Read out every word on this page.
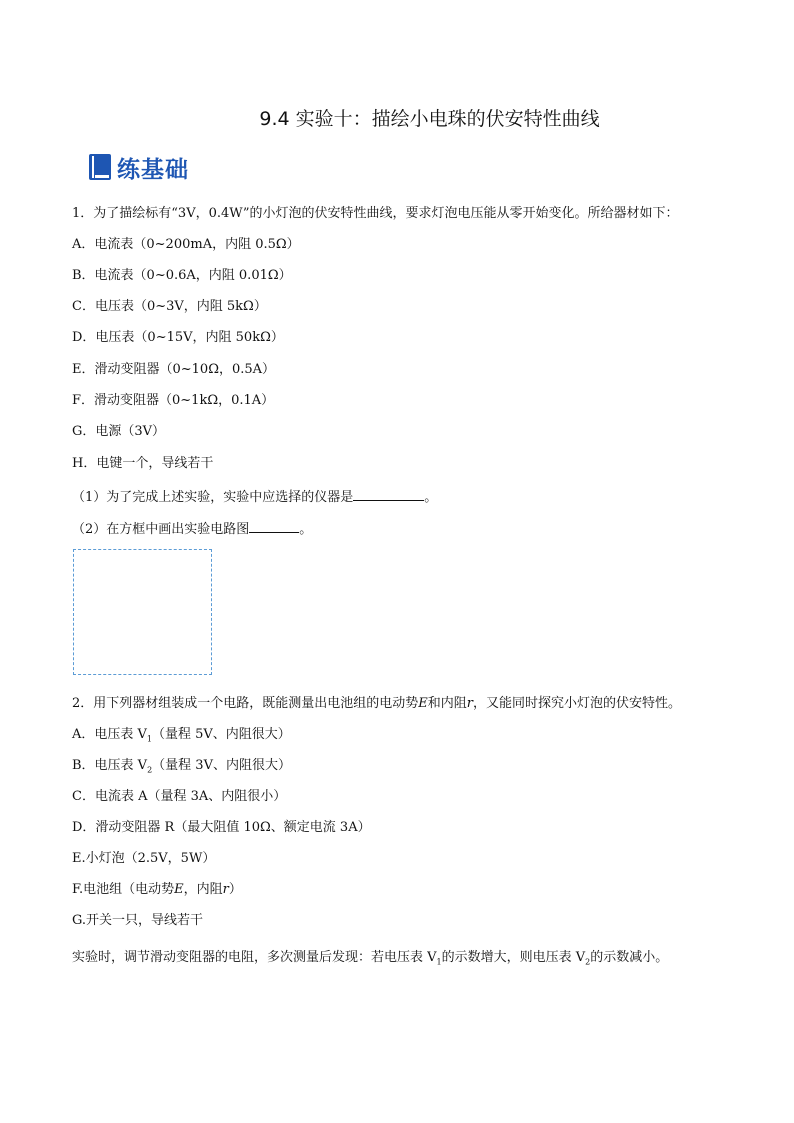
9.4 实验十：描绘小电珠的伏安特性曲线
练基础
1．为了描绘标有“3V，0.4W”的小灯泡的伏安特性曲线，要求灯泡电压能从零开始变化。所给器材如下：
A．电流表（0~200mA，内阻 0.5Ω）
B．电流表（0~0.6A，内阻 0.01Ω）
C．电压表（0~3V，内阻 5kΩ）
D．电压表（0~15V，内阻 50kΩ）
E．滑动变阻器（0~10Ω，0.5A）
F．滑动变阻器（0~1kΩ，0.1A）
G．电源（3V）
H．电键一个，导线若干
（1）为了完成上述实验，实验中应选择的仪器是	。
（2）在方框中画出实验电路图	。
2．用下列器材组装成一个电路，既能测量出电池组的电动势E和内阻r，又能同时探究小灯泡的伏安特性。
A．电压表 $V_1$（量程 5V、内阻很大）
B．电压表 $V_2$（量程 3V、内阻很大）
C．电流表 A（量程 3A、内阻很小）
D．滑动变阻器 R（最大阻值 10Ω、额定电流 3A）
E.小灯泡（2.5V，5W）
F.电池组（电动势E，内阻r）
G.开关一只，导线若干
实验时，调节滑动变阻器的电阻，多次测量后发现：若电压表 $V_1$的示数增大，则电压表 $V_2$的示数减小。
